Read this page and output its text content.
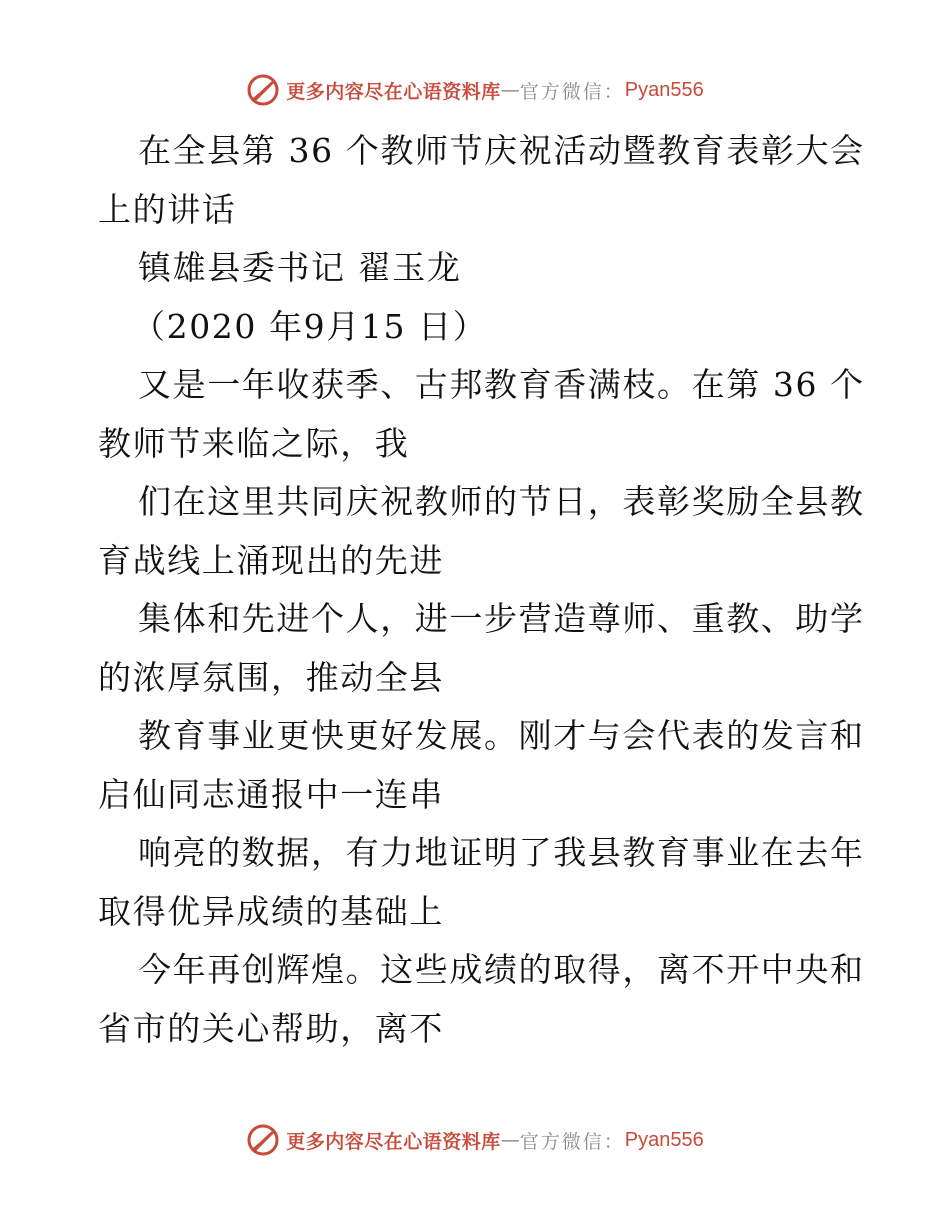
更多内容尽在心语资料库 — 官方微信： Pyan556
在全县第 36 个教师节庆祝活动暨教育表彰大会
上的讲话
镇雄县委书记 翟玉龙
（2020 年9月15 日）
又是一年收获季、古邦教育香满枝。在第 36 个
教师节来临之际，我
们在这里共同庆祝教师的节日，表彰奖励全县教
育战线上涌现出的先进
集体和先进个人，进一步营造尊师、重教、助学
的浓厚氛围，推动全县
教育事业更快更好发展。刚才与会代表的发言和
启仙同志通报中一连串
响亮的数据，有力地证明了我县教育事业在去年
取得优异成绩的基础上
今年再创辉煌。这些成绩的取得，离不开中央和
省市的关心帮助，离不
更多内容尽在心语资料库 — 官方微信： Pyan556
